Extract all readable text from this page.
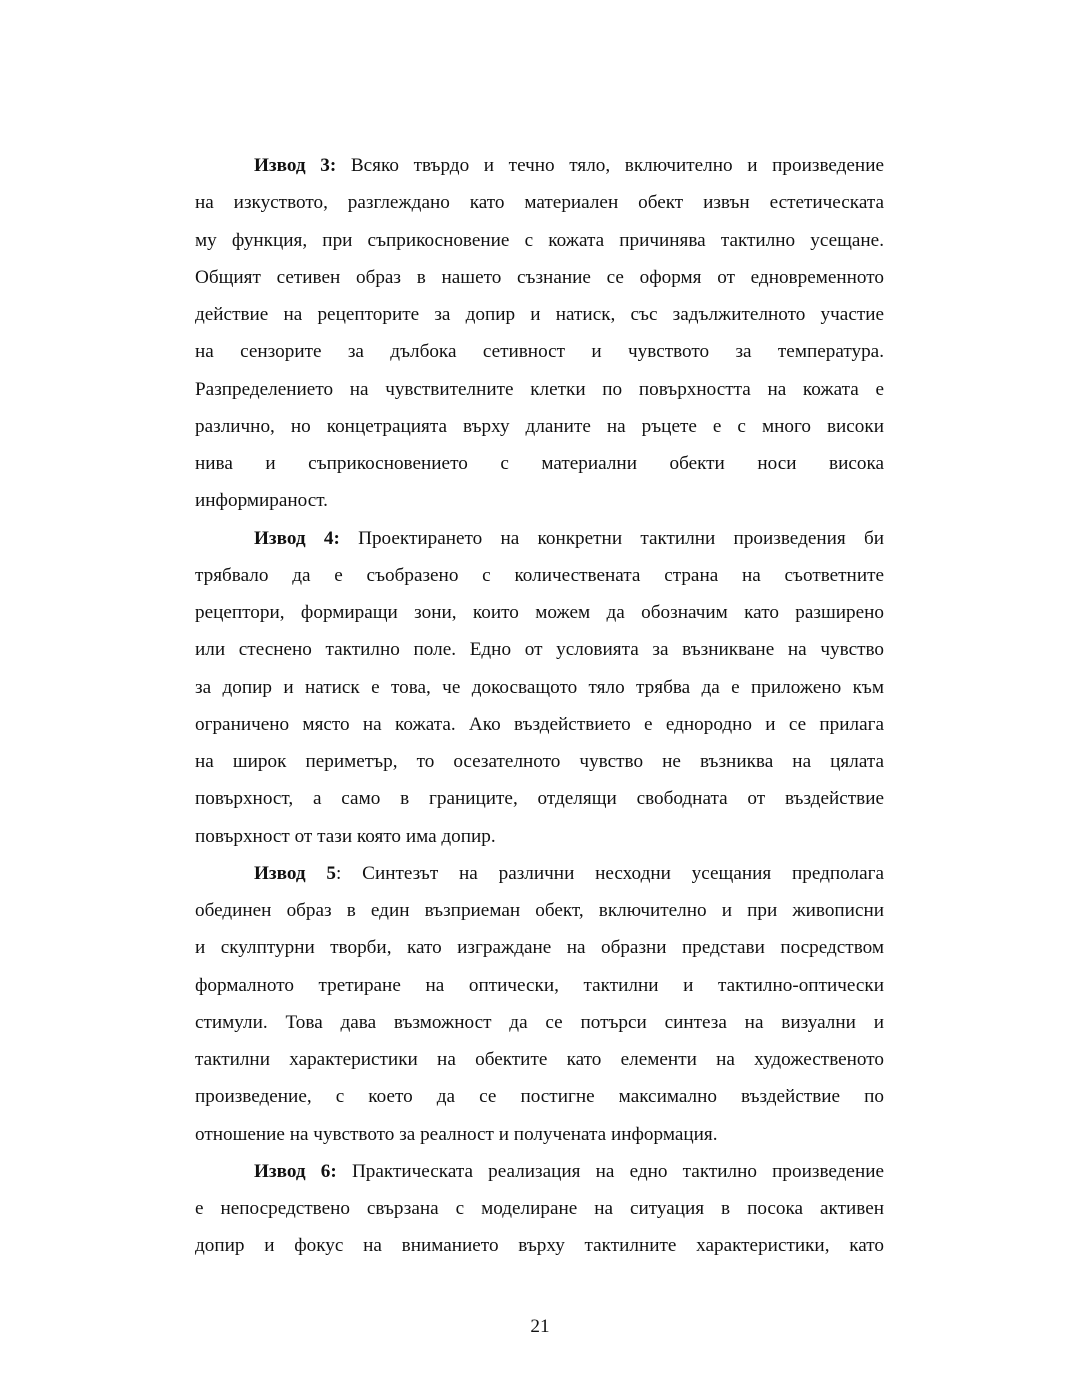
Извод 3: Всяко твърдо и течно тяло, включително и произведение
на изкуството, разглеждано като материален обект извън естетическата
му функция, при съприкосновение с кожата причинява тактилно усещане.
Общият сетивен образ в нашето съзнание се оформя от едновременното
действие на рецепторите за допир и натиск, със задължителното участие
на сензорите за дълбока сетивност и чувството за температура.
Разпределението на чувствителните клетки по повърхността на кожата е
различно, но концетрацията върху дланите на ръцете е с много високи
нива и съприкосновението с материални обекти носи висока
информираност.
Извод 4: Проектирането на конкретни тактилни произведения би
трябвало да е съобразено с количествената страна на съответните
рецептори, формиращи зони, които можем да обозначим като разширено
или стеснено тактилно поле. Едно от условията за възникване на чувство
за допир и натиск е това, че докосващото тяло трябва да е приложено към
ограничено място на кожата. Ако въздействието е еднородно и се прилага
на широк периметър, то осезателното чувство не възниква на цялата
повърхност, а само в границите, отделящи свободната от въздействие
повърхност от тази която има допир.
Извод 5: Синтезът на различни несходни усещания предполага
обединен образ в един възприеман обект, включително и при живописни
и скулптурни творби, като изграждане на образни представи посредством
формалното третиране на оптически, тактилни и тактилно-оптически
стимули. Това дава възможност да се потърси синтеза на визуални и
тактилни характеристики на обектите като елементи на художественото
произведение, с което да се постигне максимално въздействие по
отношение на чувството за реалност и получената информация.
Извод 6: Практическата реализация на едно тактилно произведение
е непосредствено свързана с моделиране на ситуация в посока активен
допир и фокус на вниманието върху тактилните характеристики, като
21
